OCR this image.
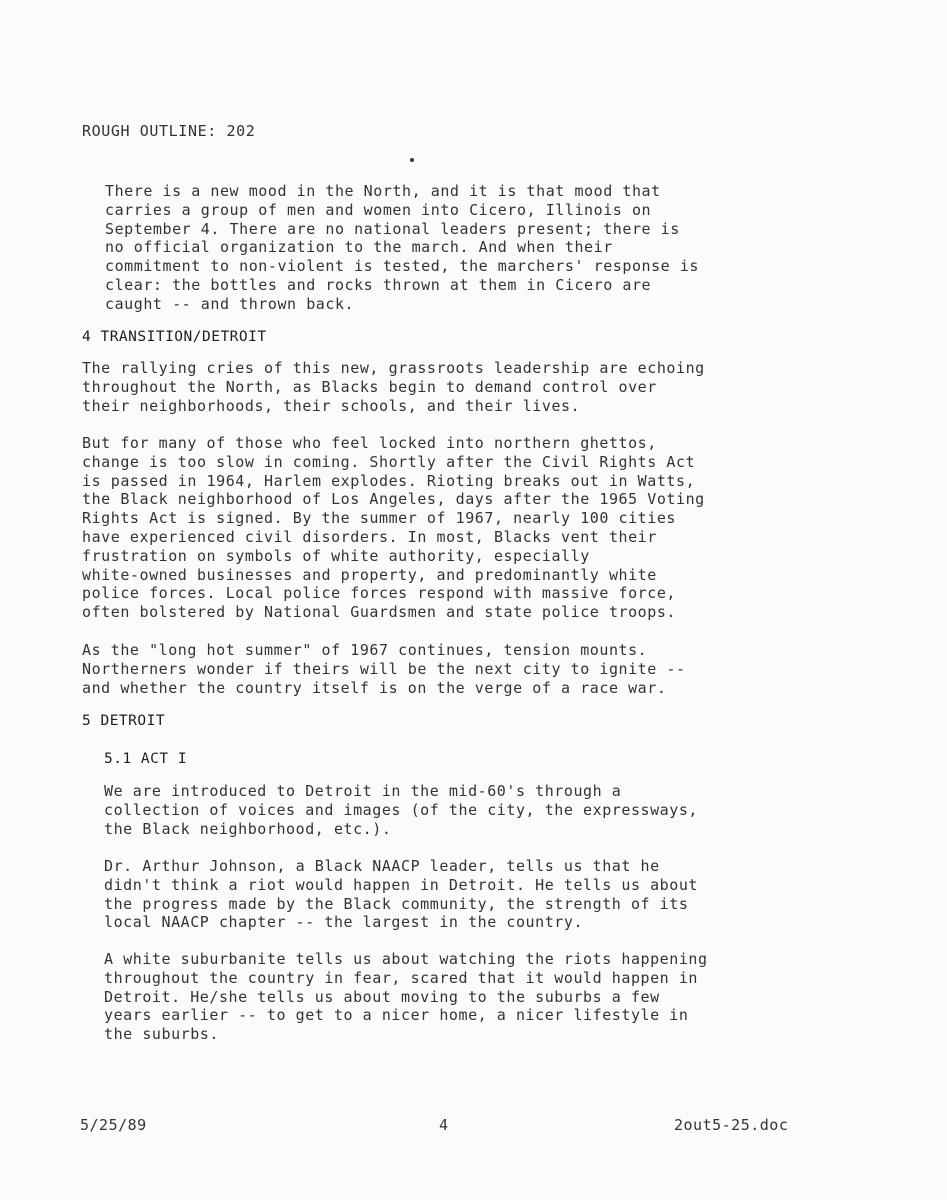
ROUGH OUTLINE: 202

There is a new mood in the North, and it is that mood that
carries a group of men and women into Cicero, Illinois on
September 4. There are no national leaders present; there is
no official organization to the march. And when their
commitment to non-violent is tested, the marchers' response is
clear: the bottles and rocks thrown at them in Cicero are
caught -- and thrown back.

4 TRANSITION/DETROIT

The rallying cries of this new, grassroots leadership are echoing
throughout the North, as Blacks begin to demand control over
their neighborhoods, their schools, and their lives.

But for many of those who feel locked into northern ghettos,
change is too slow in coming. Shortly after the Civil Rights Act
is passed in 1964, Harlem explodes. Rioting breaks out in Watts,
the Black neighborhood of Los Angeles, days after the 1965 Voting
Rights Act is signed. By the summer of 1967, nearly 100 cities
have experienced civil disorders. In most, Blacks vent their
frustration on symbols of white authority, especially
white-owned businesses and property, and predominantly white
police forces. Local police forces respond with massive force,
often bolstered by National Guardsmen and state police troops.

As the "long hot summer" of 1967 continues, tension mounts.
Northerners wonder if theirs will be the next city to ignite --
and whether the country itself is on the verge of a race war.

5 DETROIT
5.1 ACT I

We are introduced to Detroit in the mid-60's through a
collection of voices and images (of the city, the expressways,
the Black neighborhood, etc.).

Dr. Arthur Johnson, a Black NAACP leader, tells us that he
didn't think a riot would happen in Detroit. He tells us about
the progress made by the Black community, the strength of its
local NAACP chapter -- the largest in the country.

A white suburbanite tells us about watching the riots happening
throughout the country in fear, scared that it would happen in
Detroit. He/she tells us about moving to the suburbs a few
years earlier -- to get to a nicer home, a nicer lifestyle in
the suburbs.

5/25/89	4	2out5-25.doc
